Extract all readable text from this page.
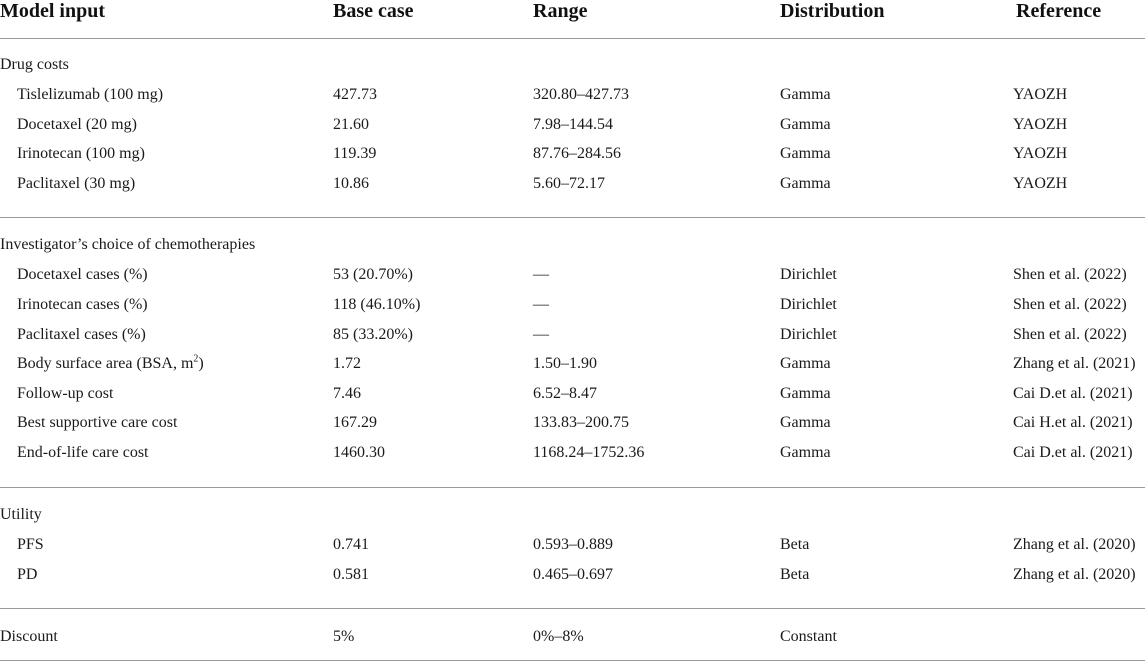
Model input	Base case	Range	Distribution	Reference
Drug costs
Tislelizumab (100 mg)	427.73	320.80–427.73	Gamma	YAOZH
Docetaxel (20 mg)	21.60	7.98–144.54	Gamma	YAOZH
Irinotecan (100 mg)	119.39	87.76–284.56	Gamma	YAOZH
Paclitaxel (30 mg)	10.86	5.60–72.17	Gamma	YAOZH
Investigator’s choice of chemotherapies
Docetaxel cases (%)	53 (20.70%)	—	Dirichlet	Shen et al. (2022)
Irinotecan cases (%)	118 (46.10%)	—	Dirichlet	Shen et al. (2022)
Paclitaxel cases (%)	85 (33.20%)	—	Dirichlet	Shen et al. (2022)
Body surface area (BSA, $m^2$)	1.72	1.50–1.90	Gamma	Zhang et al. (2021)
Follow-up cost	7.46	6.52–8.47	Gamma	Cai D.et al. (2021)
Best supportive care cost	167.29	133.83–200.75	Gamma	Cai H.et al. (2021)
End-of-life care cost	1460.30	1168.24–1752.36	Gamma	Cai D.et al. (2021)
Utility
PFS	0.741	0.593–0.889	Beta	Zhang et al. (2020)
PD	0.581	0.465–0.697	Beta	Zhang et al. (2020)
Discount	5%	0%–8%	Constant
